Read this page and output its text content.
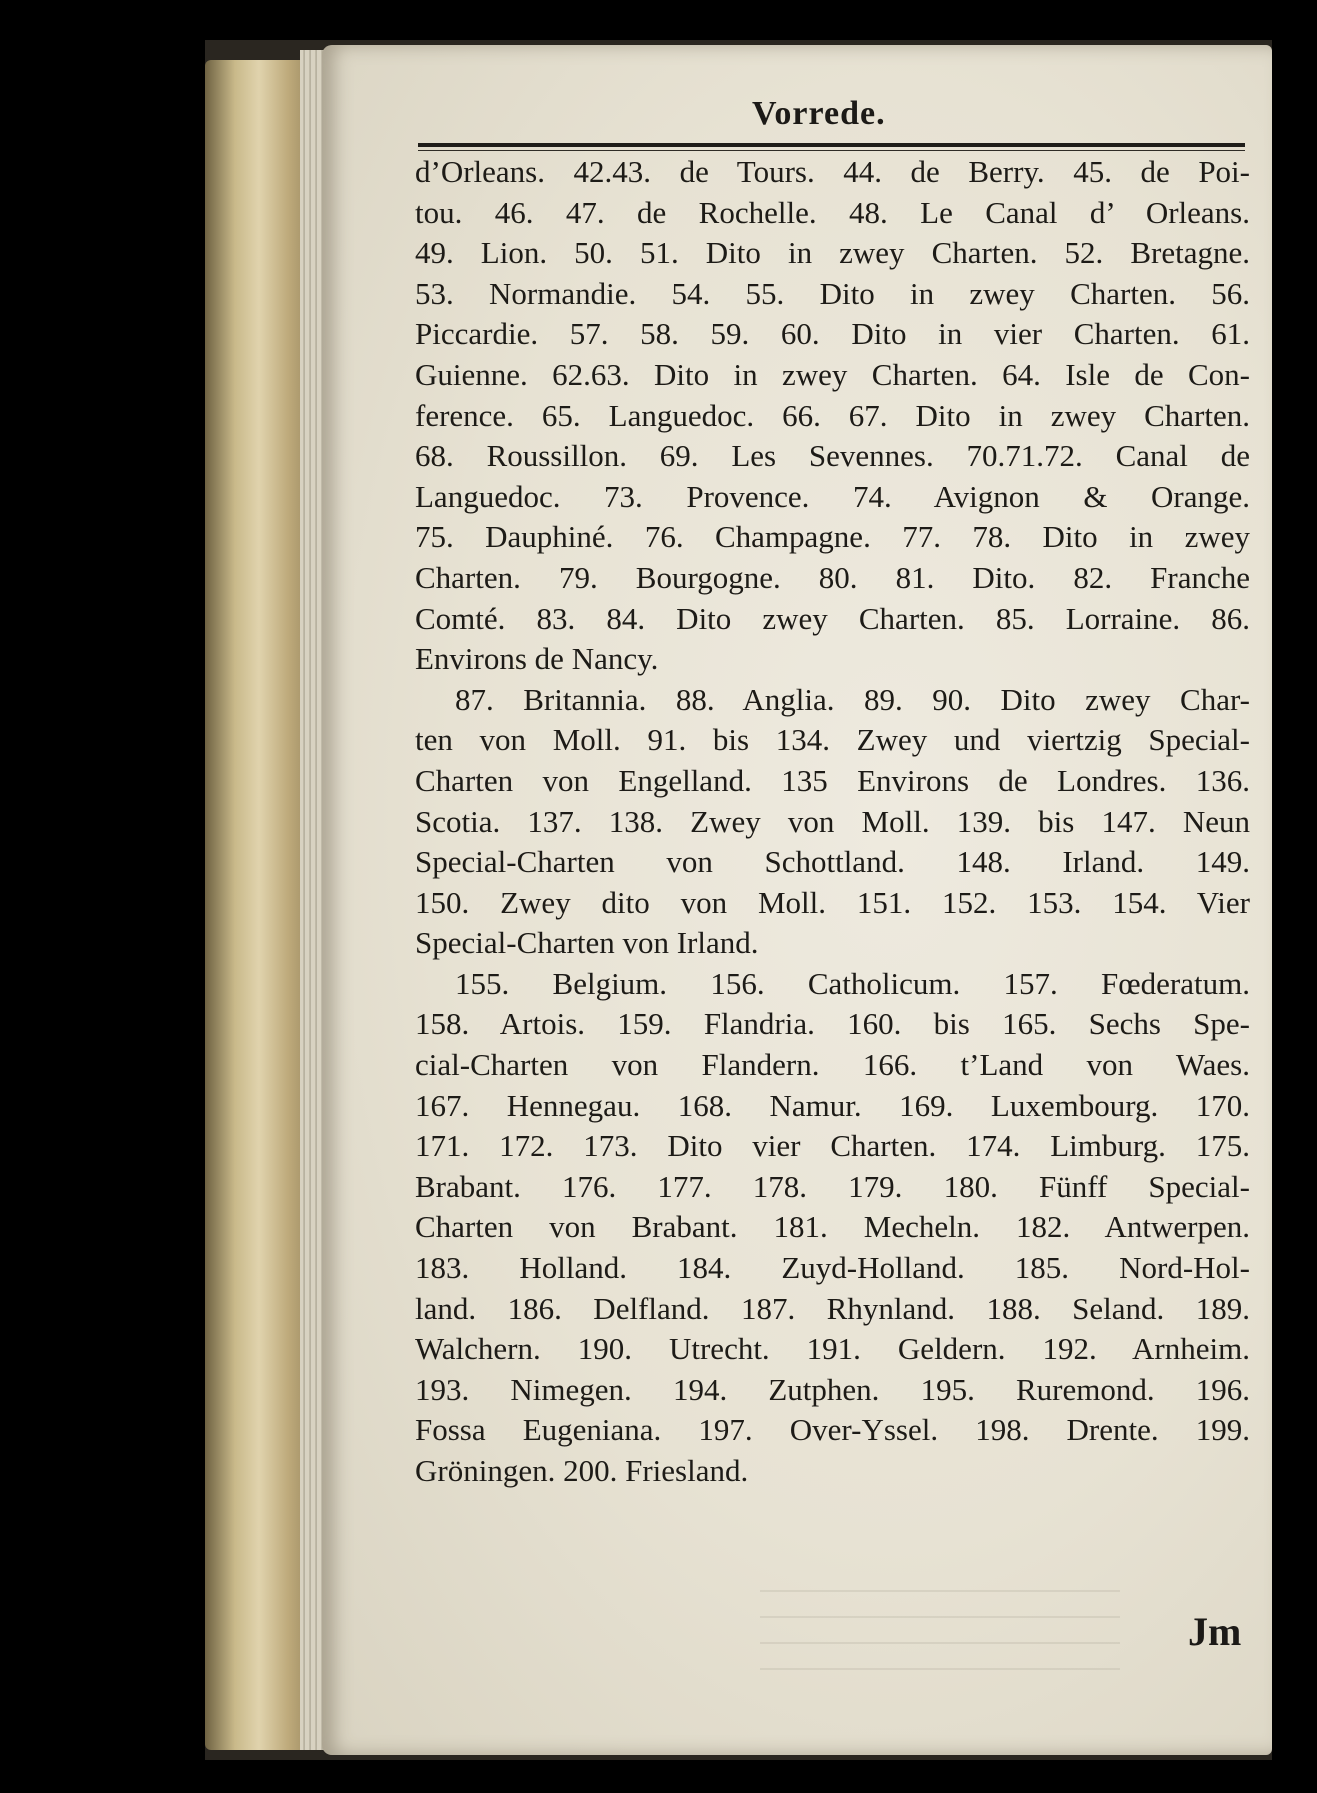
Vorrede.
d’Orleans. 42.43. de Tours. 44. de Berry. 45. de Poi-
tou. 46. 47. de Rochelle. 48. Le Canal d’ Orleans.
49. Lion. 50. 51. Dito in zwey Charten. 52. Bretagne.
53. Normandie. 54. 55. Dito in zwey Charten. 56.
Piccardie. 57. 58. 59. 60. Dito in vier Charten. 61.
Guienne. 62.63. Dito in zwey Charten. 64. Isle de Con-
ference. 65. Languedoc. 66. 67. Dito in zwey Charten.
68. Roussillon. 69. Les Sevennes. 70.71.72. Canal de
Languedoc. 73. Provence. 74. Avignon & Orange.
75. Dauphiné. 76. Champagne. 77. 78. Dito in zwey
Charten. 79. Bourgogne. 80. 81. Dito. 82. Franche
Comté. 83. 84. Dito zwey Charten. 85. Lorraine. 86.
Environs de Nancy.
87. Britannia. 88. Anglia. 89. 90. Dito zwey Char-
ten von Moll. 91. bis 134. Zwey und viertzig Special-
Charten von Engelland. 135 Environs de Londres. 136.
Scotia. 137. 138. Zwey von Moll. 139. bis 147. Neun
Special-Charten von Schottland. 148. Irland. 149.
150. Zwey dito von Moll. 151. 152. 153. 154. Vier
Special-Charten von Irland.
155. Belgium. 156. Catholicum. 157. Fœderatum.
158. Artois. 159. Flandria. 160. bis 165. Sechs Spe-
cial-Charten von Flandern. 166. t’Land von Waes.
167. Hennegau. 168. Namur. 169. Luxembourg. 170.
171. 172. 173. Dito vier Charten. 174. Limburg. 175.
Brabant. 176. 177. 178. 179. 180. Fünff Special-
Charten von Brabant. 181. Mecheln. 182. Antwerpen.
183. Holland. 184. Zuyd-Holland. 185. Nord-Hol-
land. 186. Delfland. 187. Rhynland. 188. Seland. 189.
Walchern. 190. Utrecht. 191. Geldern. 192. Arnheim.
193. Nimegen. 194. Zutphen. 195. Ruremond. 196.
Fossa Eugeniana. 197. Over-Yssel. 198. Drente. 199.
Gröningen. 200. Friesland.
Jm
